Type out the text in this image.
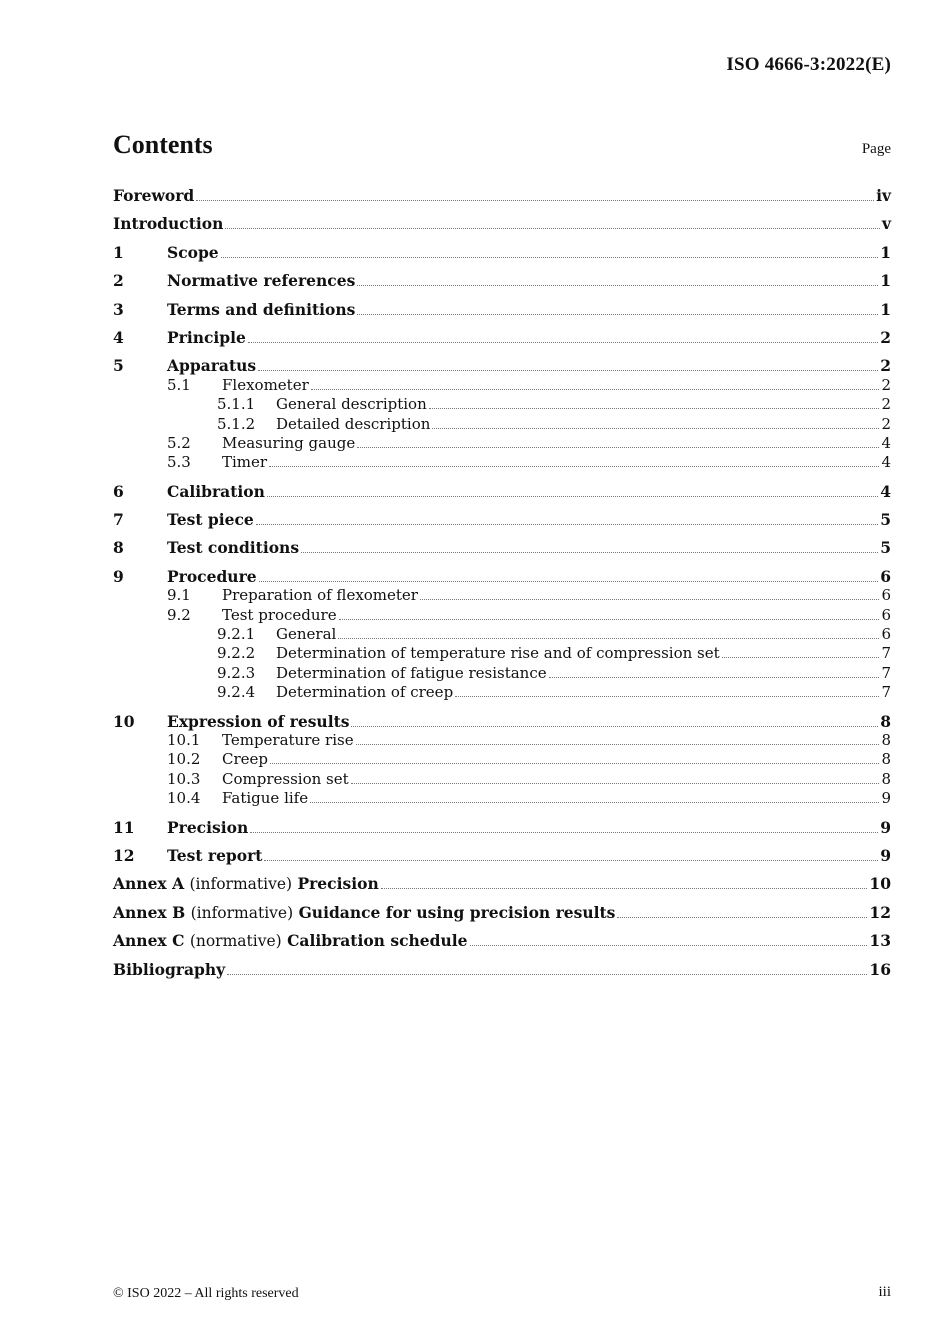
ISO 4666-3:2022(E)
Contents	Page
Foreword	iv
Introduction	v
1	Scope	1
2	Normative references	1
3	Terms and definitions	1
4	Principle	2
5	Apparatus	2
5.1	Flexometer	2
5.1.1	General description	2
5.1.2	Detailed description	2
5.2	Measuring gauge	4
5.3	Timer	4
6	Calibration	4
7	Test piece	5
8	Test conditions	5
9	Procedure	6
9.1	Preparation of flexometer	6
9.2	Test procedure	6
9.2.1	General	6
9.2.2	Determination of temperature rise and of compression set	7
9.2.3	Determination of fatigue resistance	7
9.2.4	Determination of creep	7
10	Expression of results	8
10.1	Temperature rise	8
10.2	Creep	8
10.3	Compression set	8
10.4	Fatigue life	9
11	Precision	9
12	Test report	9
Annex A (informative) Precision	10
Annex B (informative) Guidance for using precision results	12
Annex C (normative) Calibration schedule	13
Bibliography	16
© ISO 2022 – All rights reserved	iii
